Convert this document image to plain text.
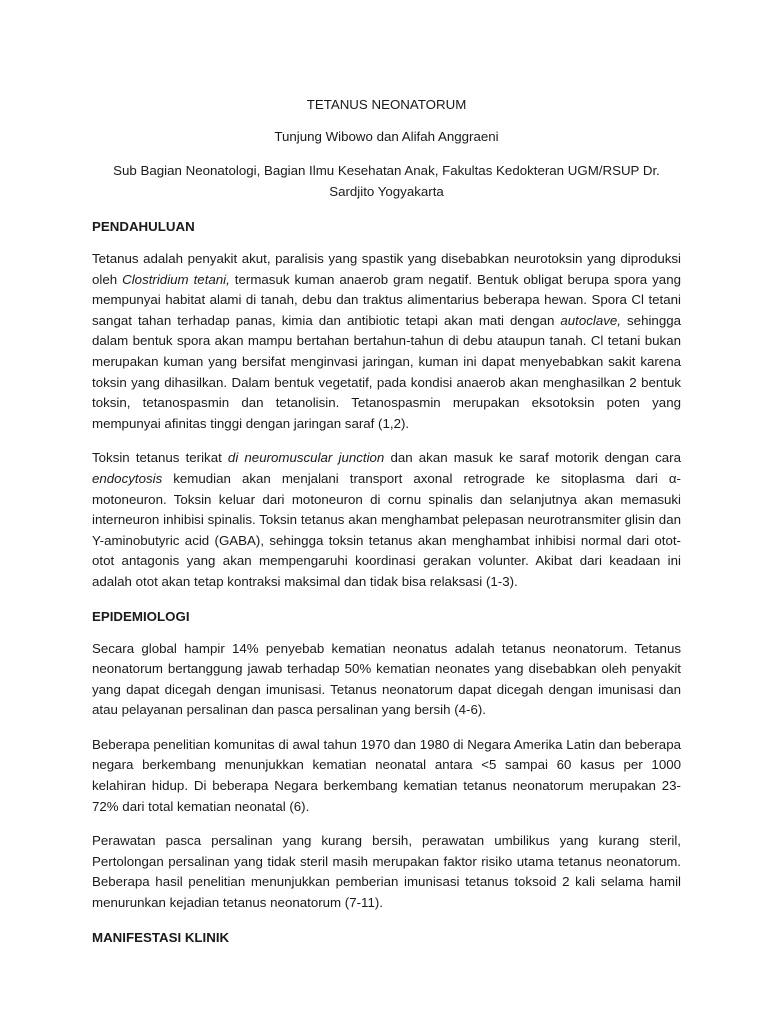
TETANUS NEONATORUM

Tunjung Wibowo dan Alifah Anggraeni

Sub Bagian Neonatologi, Bagian Ilmu Kesehatan Anak, Fakultas Kedokteran UGM/RSUP Dr. Sardjito Yogyakarta

PENDAHULUAN

Tetanus adalah penyakit akut, paralisis yang spastik yang disebabkan neurotoksin yang diproduksi oleh Clostridium tetani, termasuk kuman anaerob gram negatif. Bentuk obligat berupa spora yang mempunyai habitat alami di tanah, debu dan traktus alimentarius beberapa hewan. Spora Cl tetani sangat tahan terhadap panas, kimia dan antibiotic tetapi akan mati dengan autoclave, sehingga dalam bentuk spora akan mampu bertahan bertahun-tahun di debu ataupun tanah. Cl tetani bukan merupakan kuman yang bersifat menginvasi jaringan, kuman ini dapat menyebabkan sakit karena toksin yang dihasilkan. Dalam bentuk vegetatif, pada kondisi anaerob akan menghasilkan 2 bentuk toksin, tetanospasmin dan tetanolisin. Tetanospasmin merupakan eksotoksin poten yang mempunyai afinitas tinggi dengan jaringan saraf (1,2).

Toksin tetanus terikat di neuromuscular junction dan akan masuk ke saraf motorik dengan cara endocytosis kemudian akan menjalani transport axonal retrograde ke sitoplasma dari α-motoneuron. Toksin keluar dari motoneuron di cornu spinalis dan selanjutnya akan memasuki interneuron inhibisi spinalis. Toksin tetanus akan menghambat pelepasan neurotransmiter glisin dan Y-aminobutyric acid (GABA), sehingga toksin tetanus akan menghambat inhibisi normal dari otot-otot antagonis yang akan mempengaruhi koordinasi gerakan volunter. Akibat dari keadaan ini adalah otot akan tetap kontraksi maksimal dan tidak bisa relaksasi (1-3).

EPIDEMIOLOGI

Secara global hampir 14% penyebab kematian neonatus adalah tetanus neonatorum. Tetanus neonatorum bertanggung jawab terhadap 50% kematian neonates yang disebabkan oleh penyakit yang dapat dicegah dengan imunisasi. Tetanus neonatorum dapat dicegah dengan imunisasi dan atau pelayanan persalinan dan pasca persalinan yang bersih (4-6).

Beberapa penelitian komunitas di awal tahun 1970 dan 1980 di Negara Amerika Latin dan beberapa negara berkembang menunjukkan kematian neonatal antara <5 sampai 60 kasus per 1000 kelahiran hidup. Di beberapa Negara berkembang kematian tetanus neonatorum merupakan 23-72% dari total kematian neonatal (6).

Perawatan pasca persalinan yang kurang bersih, perawatan umbilikus yang kurang steril, Pertolongan persalinan yang tidak steril masih merupakan faktor risiko utama tetanus neonatorum. Beberapa hasil penelitian menunjukkan pemberian imunisasi tetanus toksoid 2 kali selama hamil menurunkan kejadian tetanus neonatorum (7-11).

MANIFESTASI KLINIK
